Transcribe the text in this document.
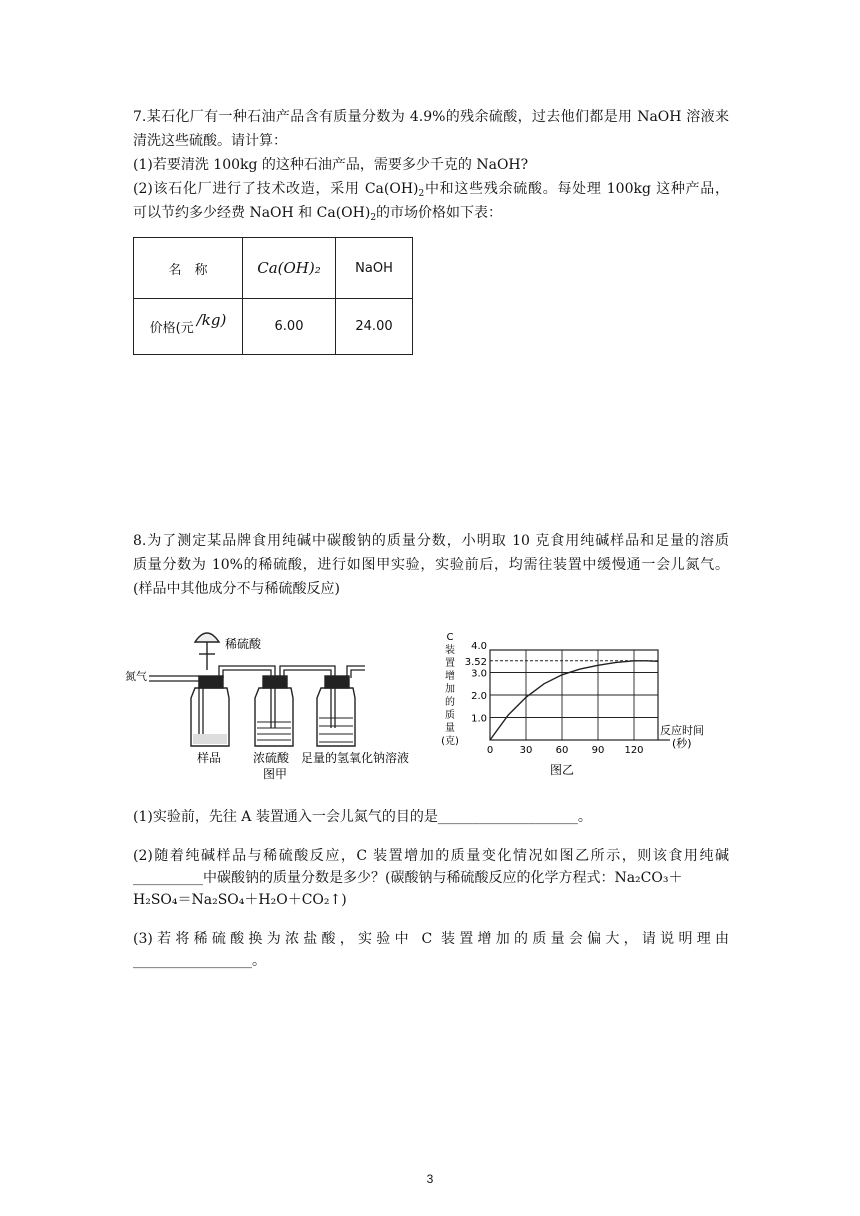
7.某石化厂有一种石油产品含有质量分数为 4.9%的残余硫酸，过去他们都是用 NaOH 溶液来
清洗这些硫酸。请计算：
(1)若要清洗 100kg 的这种石油产品，需要多少千克的 NaOH?
(2)该石化厂进行了技术改造，采用 $Ca(OH)_2$中和这些残余硫酸。每处理 100kg 这种产品，
可以节约多少经费 NaOH 和 $Ca(OH)_2$的市场价格如下表：
名　称	Ca(OH)₂	NaOH
价格(元 /kg)	6.00	24.00
8.为了测定某品牌食用纯碱中碳酸钠的质量分数，小明取 10 克食用纯碱样品和足量的溶质
质量分数为 10%的稀硫酸，进行如图甲实验，实验前后，均需往装置中缓慢通一会儿氮气。
(样品中其他成分不与稀硫酸反应)
稀硫酸
氮气
样品	浓硫酸 足量的氢氧化钠溶液
图甲
C
装
置
增
加
的
质
量
(克)
1.0
2.0
3.0
3.52
4.0
0	30 60 90 120
反应时间
(秒)
图乙
(1)实验前，先往 A 装置通入一会儿氮气的目的是____________________。
(2)随着纯碱样品与稀硫酸反应，C 装置增加的质量变化情况如图乙所示，则该食用纯碱
__________中碳酸钠的质量分数是多少？(碳酸钠与稀硫酸反应的化学方程式：Na₂CO₃＋
H₂SO₄＝Na₂SO₄＋H₂O＋CO₂↑)
(3)若将稀硫酸换为浓盐酸，实验中 C 装置增加的质量会偏大，请说明理由
_________________。
3
